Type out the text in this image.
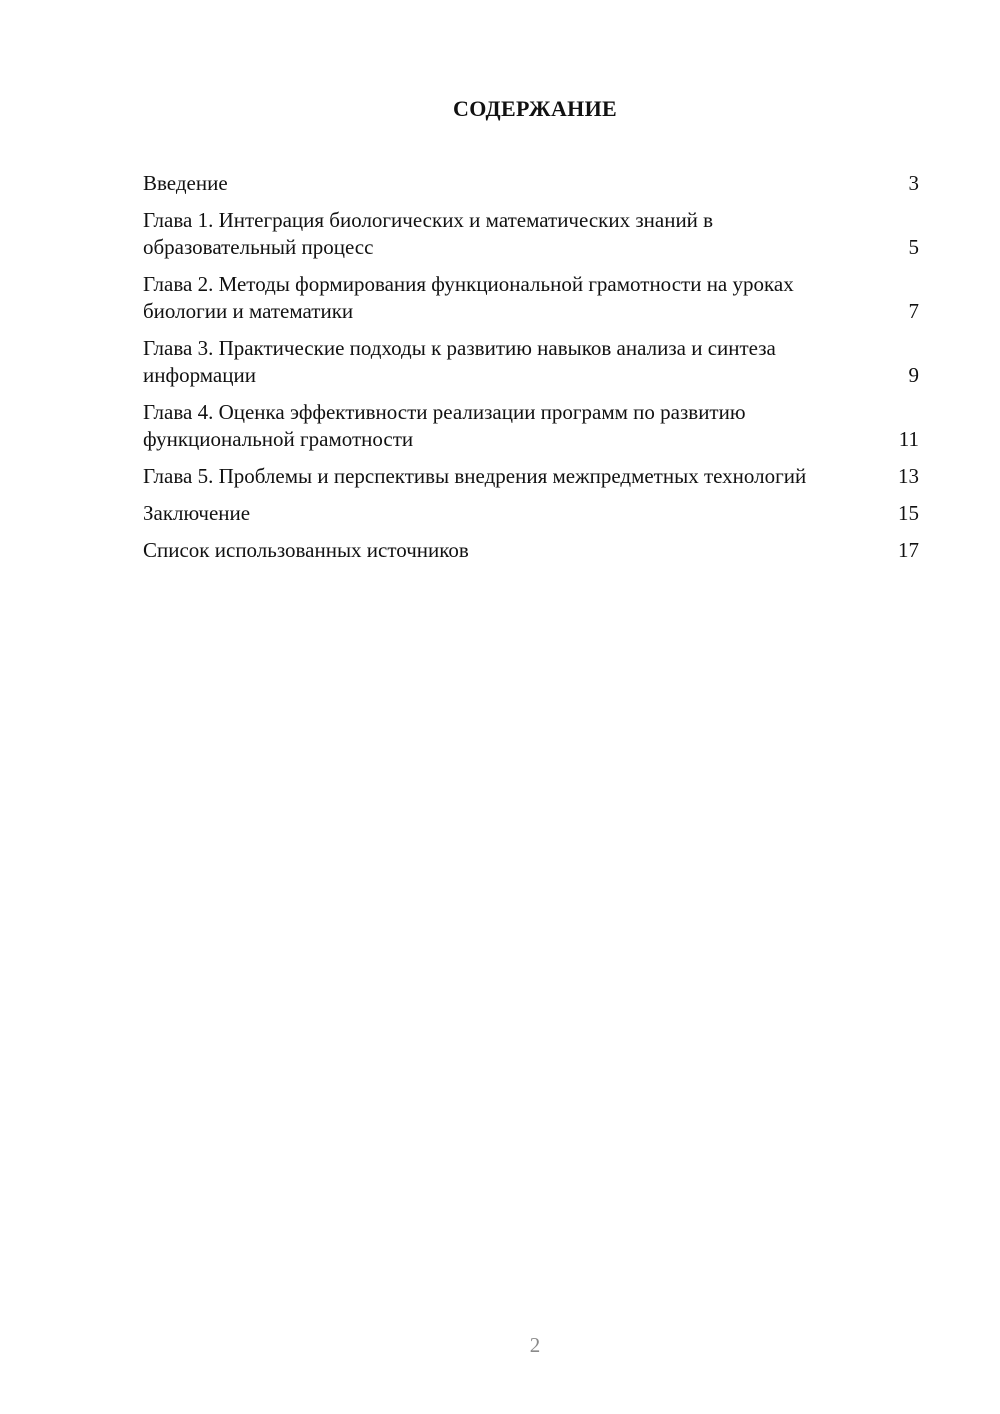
СОДЕРЖАНИЕ
Введение	3
Глава 1. Интеграция биологических и математических знаний в образовательный процесс	5
Глава 2. Методы формирования функциональной грамотности на уроках биологии и математики	7
Глава 3. Практические подходы к развитию навыков анализа и синтеза информации	9
Глава 4. Оценка эффективности реализации программ по развитию функциональной грамотности	11
Глава 5. Проблемы и перспективы внедрения межпредметных технологий	13
Заключение	15
Список использованных источников	17
2
